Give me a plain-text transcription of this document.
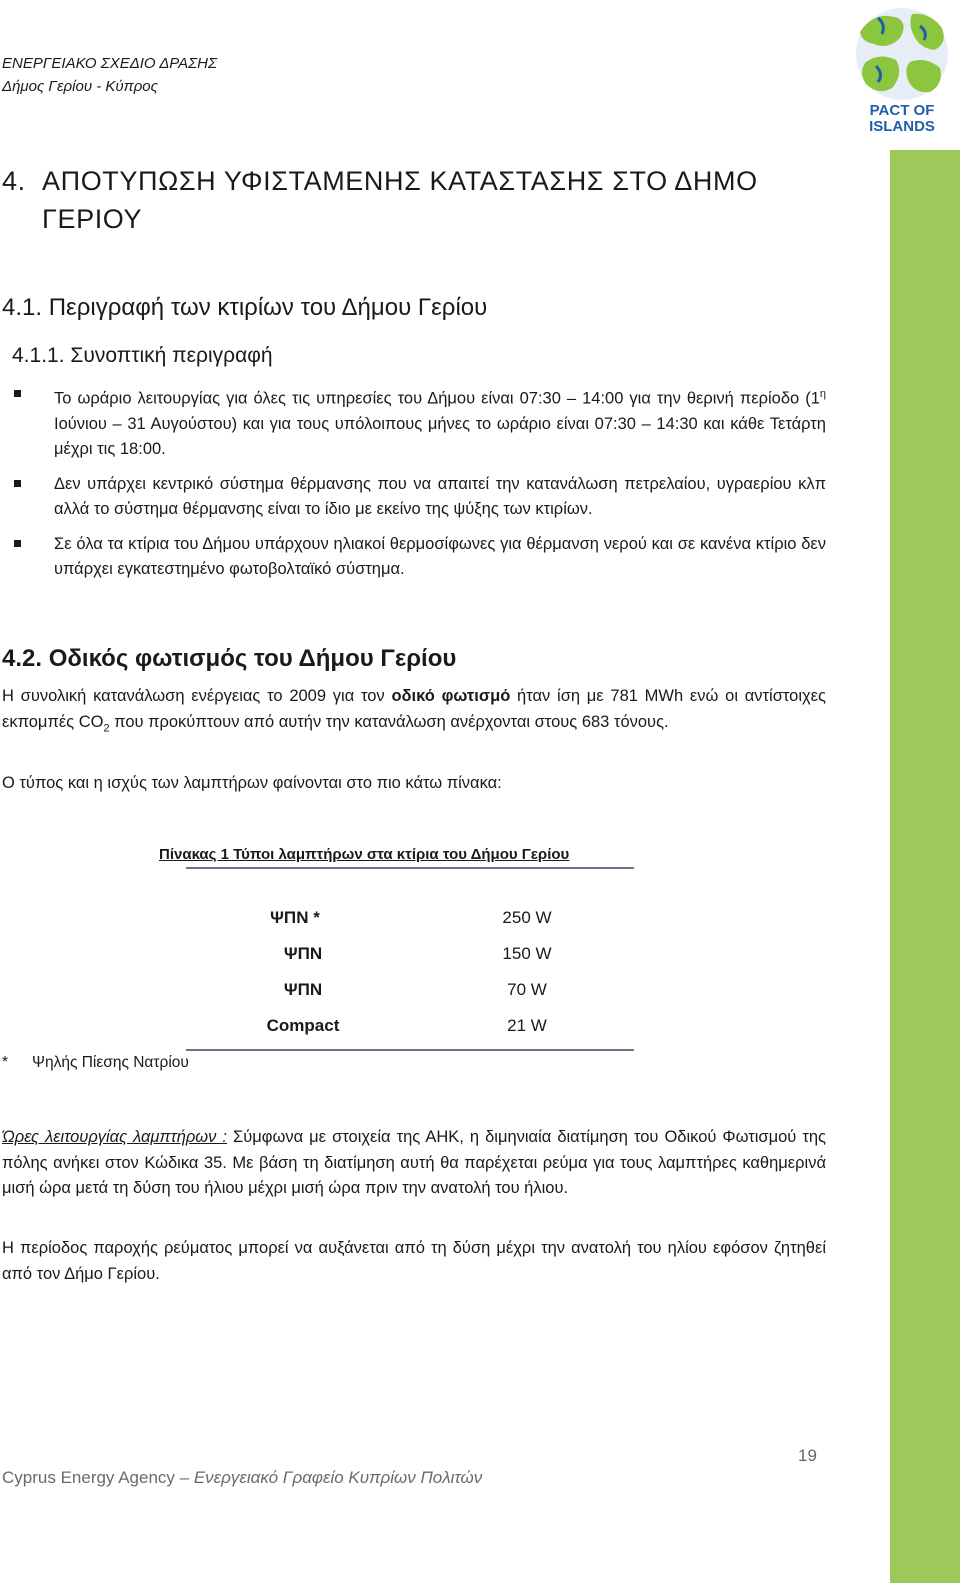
PACT OF
ISLANDS
ΕΝΕΡΓΕΙΑΚΟ ΣΧΕΔΙΟ ΔΡΑΣΗΣ
Δήμος Γερίου - Κύπρος
4. ΑΠΟΤΥΠΩΣΗ ΥΦΙΣΤΑΜΕΝΗΣ ΚΑΤΑΣΤΑΣΗΣ ΣΤΟ ΔΗΜΟ
ΓΕΡΙΟΥ
4.1. Περιγραφή των κτιρίων του Δήμου Γερίου
4.1.1. Συνοπτική περιγραφή
Το ωράριο λειτουργίας για όλες τις υπηρεσίες του Δήμου είναι 07:30 – 14:00 για την θερινή περίοδο ($1^\eta$ Ιούνιου – 31 Αυγούστου) και για τους υπόλοιπους μήνες το ωράριο είναι 07:30 – 14:30 και κάθε Τετάρτη μέχρι τις 18:00.
Δεν υπάρχει κεντρικό σύστημα θέρμανσης που να απαιτεί την κατανάλωση πετρελαίου, υγραερίου κλπ αλλά το σύστημα θέρμανσης είναι το ίδιο με εκείνο της ψύξης των κτιρίων.
Σε όλα τα κτίρια του Δήμου υπάρχουν ηλιακοί θερμοσίφωνες για θέρμανση νερού και σε κανένα κτίριο δεν υπάρχει εγκατεστημένο φωτοβολταϊκό σύστημα.
4.2. Οδικός φωτισμός του Δήμου Γερίου
Η συνολική κατανάλωση ενέργειας το 2009 για τον οδικό φωτισμό ήταν ίση με 781 MWh ενώ οι αντίστοιχες εκπομπές $CO_2$ που προκύπτουν από αυτήν την κατανάλωση ανέρχονται στους 683 τόνους.
Ο τύπος και η ισχύς των λαμπτήρων φαίνονται στο πιο κάτω πίνακα:
Πίνακας 1 Τύποι λαμπτήρων στα κτίρια του Δήμου Γερίου
ΨΠΝ *	250 W
ΨΠΝ	150 W
ΨΠΝ	70 W
Compact	21 W
* Ψηλής Πίεσης Νατρίου
Ώρες λειτουργίας λαμπτήρων : Σύμφωνα με στοιχεία της ΑΗΚ, η διμηνιαία διατίμηση του Οδικού Φωτισμού της πόλης ανήκει στον Κώδικα 35. Με βάση τη διατίμηση αυτή θα παρέχεται ρεύμα για τους λαμπτήρες καθημερινά μισή ώρα μετά τη δύση του ήλιου μέχρι μισή ώρα πριν την ανατολή του ήλιου.
Η περίοδος παροχής ρεύματος μπορεί να αυξάνεται από τη δύση μέχρι την ανατολή του ηλίου εφόσον ζητηθεί από τον Δήμο Γερίου.
19
Cyprus Energy Agency – Ενεργειακό Γραφείο Κυπρίων Πολιτών
